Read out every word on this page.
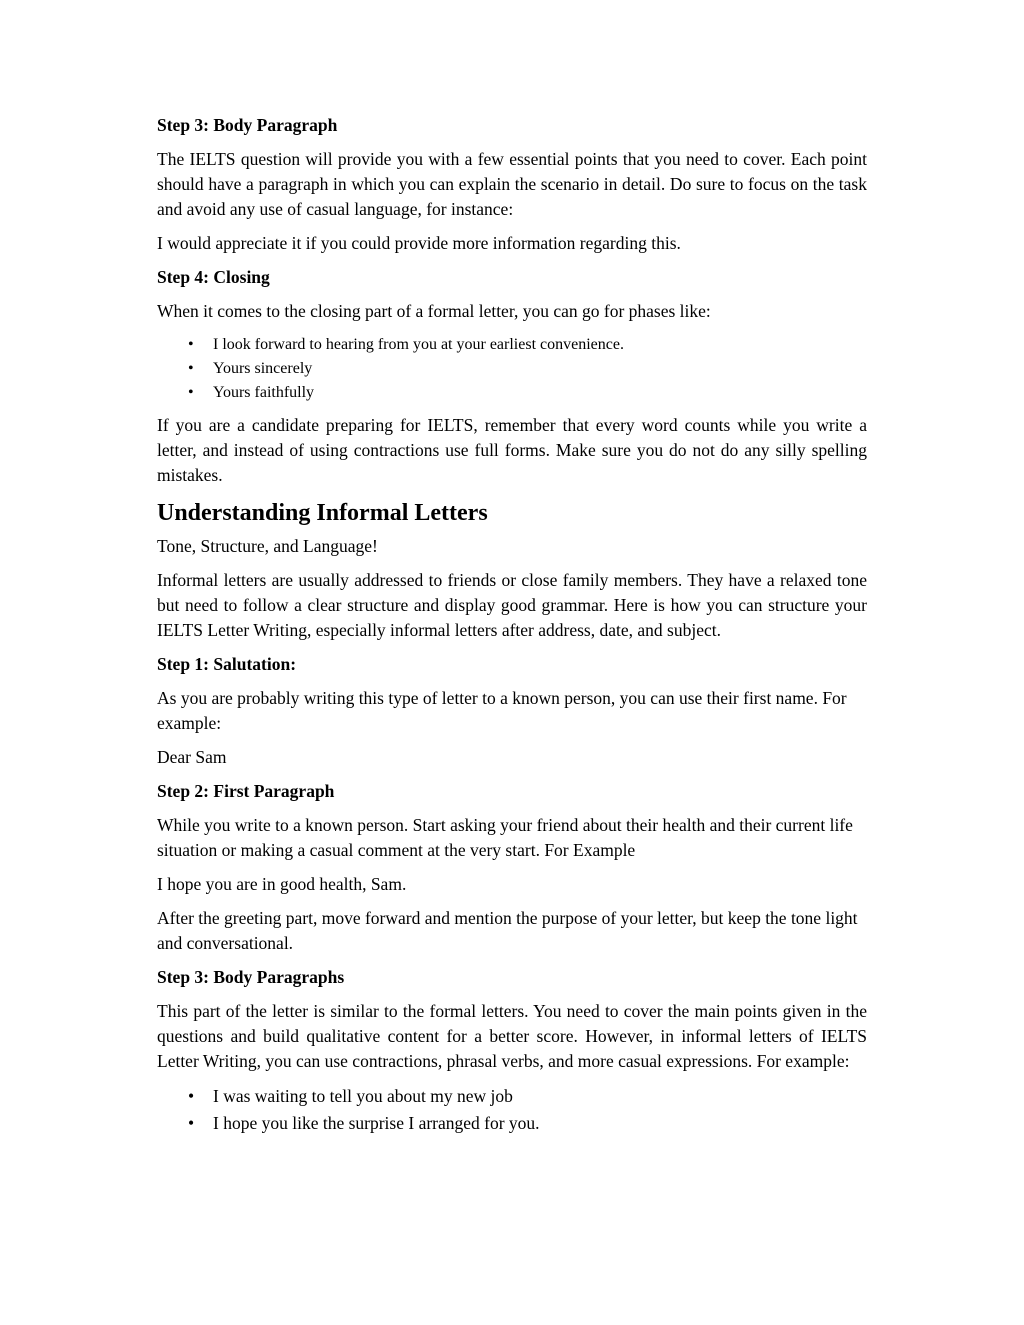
Step 3: Body Paragraph
The IELTS question will provide you with a few essential points that you need to cover. Each point should have a paragraph in which you can explain the scenario in detail. Do sure to focus on the task and avoid any use of casual language, for instance:
I would appreciate it if you could provide more information regarding this.
Step 4: Closing
When it comes to the closing part of a formal letter, you can go for phases like:
•
I look forward to hearing from you at your earliest convenience.
•
Yours sincerely
•
Yours faithfully
If you are a candidate preparing for IELTS, remember that every word counts while you write a letter, and instead of using contractions use full forms. Make sure you do not do any silly spelling mistakes.
Understanding Informal Letters
Tone, Structure, and Language!
Informal letters are usually addressed to friends or close family members. They have a relaxed tone but need to follow a clear structure and display good grammar. Here is how you can structure your IELTS Letter Writing, especially informal letters after address, date, and subject.
Step 1: Salutation:
As you are probably writing this type of letter to a known person, you can use their first name. For example:
Dear Sam
Step 2: First Paragraph
While you write to a known person. Start asking your friend about their health and their current life situation or making a casual comment at the very start. For Example
I hope you are in good health, Sam.
After the greeting part, move forward and mention the purpose of your letter, but keep the tone light and conversational.
Step 3: Body Paragraphs
This part of the letter is similar to the formal letters. You need to cover the main points given in the questions and build qualitative content for a better score. However, in informal letters of IELTS Letter Writing, you can use contractions, phrasal verbs, and more casual expressions. For example:
•
I was waiting to tell you about my new job
•
I hope you like the surprise I arranged for you.
